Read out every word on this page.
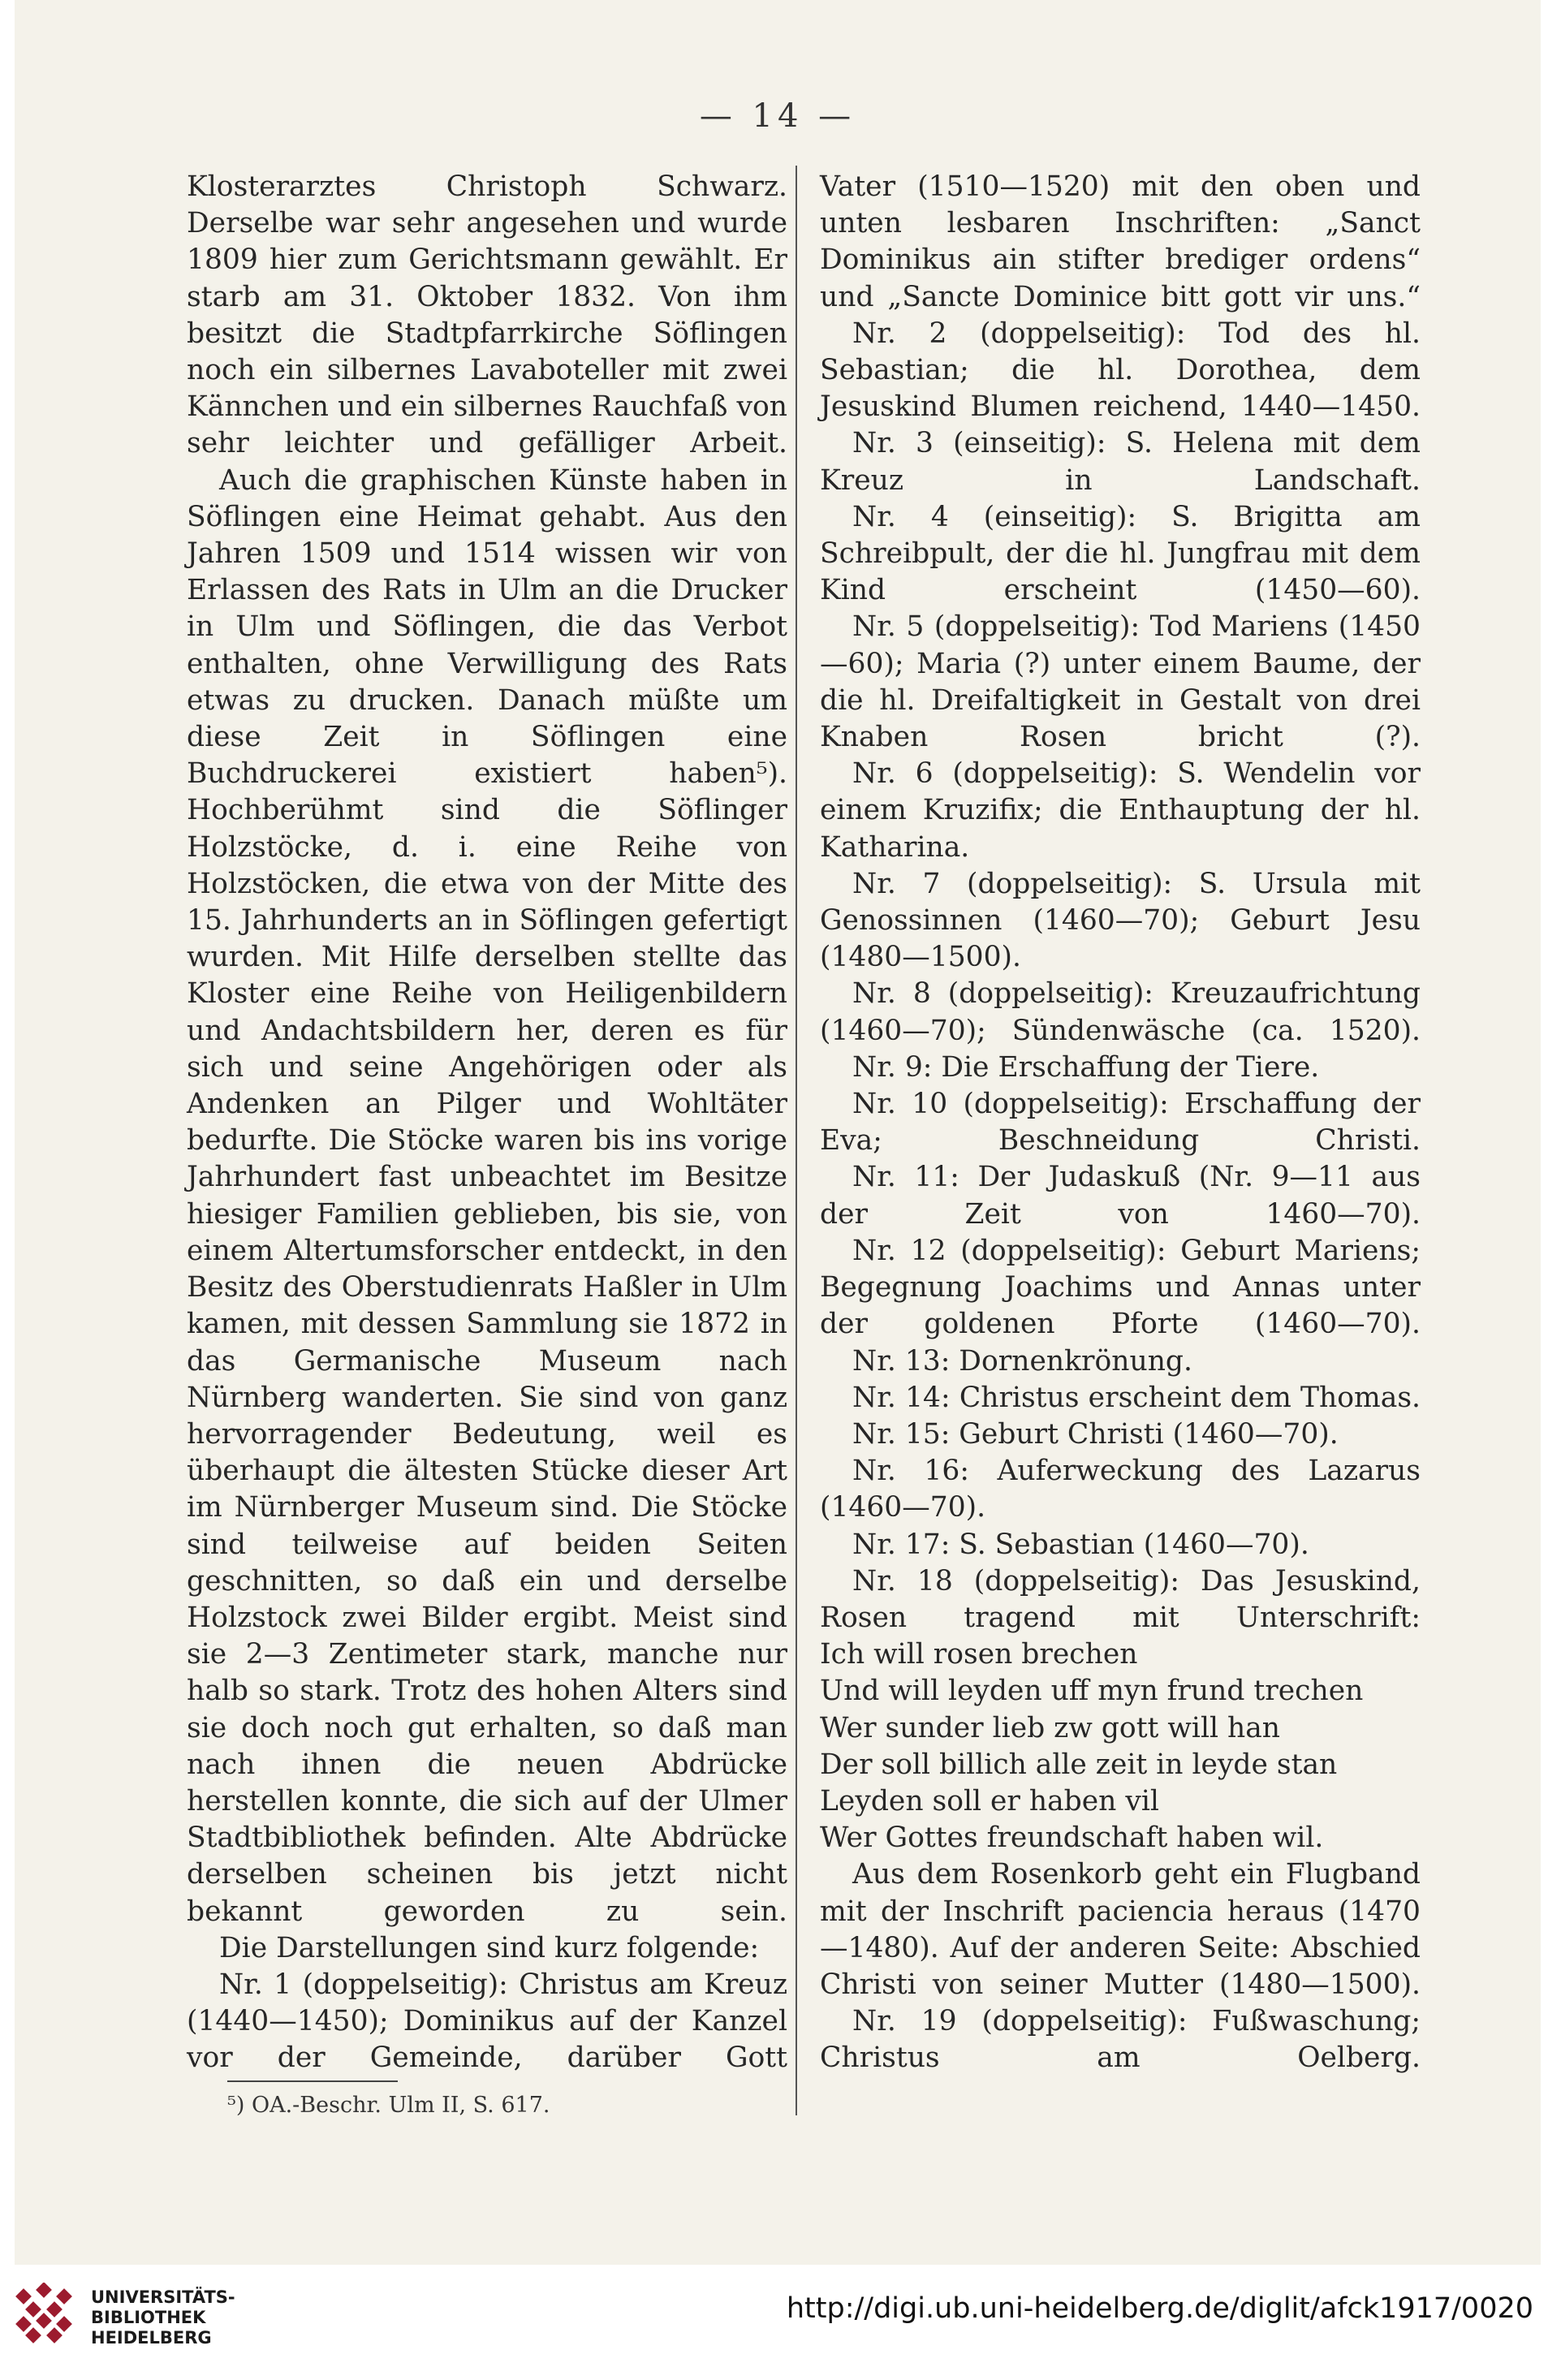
— 14 —

Klosterarztes Christoph Schwarz. Derselbe war sehr angesehen und wurde 1809 hier zum Gerichtsmann gewählt. Er starb am 31. Oktober 1832. Von ihm besitzt die Stadtpfarrkirche Söflingen noch ein silbernes Lavaboteller mit zwei Kännchen und ein silbernes Rauchfaß von sehr leichter und gefälliger Arbeit.

Auch die graphischen Künste haben in Söflingen eine Heimat gehabt. Aus den Jahren 1509 und 1514 wissen wir von Erlassen des Rats in Ulm an die Drucker in Ulm und Söflingen, die das Verbot enthalten, ohne Verwilligung des Rats etwas zu drucken. Danach müßte um diese Zeit in Söflingen eine Buchdruckerei existiert haben⁵). Hochberühmt sind die Söflinger Holzstöcke, d. i. eine Reihe von Holzstöcken, die etwa von der Mitte des 15. Jahrhunderts an in Söflingen gefertigt wurden. Mit Hilfe derselben stellte das Kloster eine Reihe von Heiligenbildern und Andachtsbildern her, deren es für sich und seine Angehörigen oder als Andenken an Pilger und Wohltäter bedurfte. Die Stöcke waren bis ins vorige Jahrhundert fast unbeachtet im Besitze hiesiger Familien geblieben, bis sie, von einem Altertumsforscher entdeckt, in den Besitz des Oberstudienrats Haßler in Ulm kamen, mit dessen Sammlung sie 1872 in das Germanische Museum nach Nürnberg wanderten. Sie sind von ganz hervorragender Bedeutung, weil es überhaupt die ältesten Stücke dieser Art im Nürnberger Museum sind. Die Stöcke sind teilweise auf beiden Seiten geschnitten, so daß ein und derselbe Holzstock zwei Bilder ergibt. Meist sind sie 2—3 Zentimeter stark, manche nur halb so stark. Trotz des hohen Alters sind sie doch noch gut erhalten, so daß man nach ihnen die neuen Abdrücke herstellen konnte, die sich auf der Ulmer Stadtbibliothek befinden. Alte Abdrücke derselben scheinen bis jetzt nicht bekannt geworden zu sein.

Die Darstellungen sind kurz folgende:

Nr. 1 (doppelseitig): Christus am Kreuz (1440—1450); Dominikus auf der Kanzel vor der Gemeinde, darüber Gott

Vater (1510—1520) mit den oben und unten lesbaren Inschriften: „Sanct Dominikus ain stifter brediger ordens“ und „Sancte Dominice bitt gott vir uns.“

Nr. 2 (doppelseitig): Tod des hl. Sebastian; die hl. Dorothea, dem Jesuskind Blumen reichend, 1440—1450.

Nr. 3 (einseitig): S. Helena mit dem Kreuz in Landschaft.

Nr. 4 (einseitig): S. Brigitta am Schreibpult, der die hl. Jungfrau mit dem Kind erscheint (1450—60).

Nr. 5 (doppelseitig): Tod Mariens (1450—60); Maria (?) unter einem Baume, der die hl. Dreifaltigkeit in Gestalt von drei Knaben Rosen bricht (?).

Nr. 6 (doppelseitig): S. Wendelin vor einem Kruzifix; die Enthauptung der hl. Katharina.

Nr. 7 (doppelseitig): S. Ursula mit Genossinnen (1460—70); Geburt Jesu (1480—1500).

Nr. 8 (doppelseitig): Kreuzaufrichtung (1460—70); Sündenwäsche (ca. 1520).

Nr. 9: Die Erschaffung der Tiere.

Nr. 10 (doppelseitig): Erschaffung der Eva; Beschneidung Christi.

Nr. 11: Der Judaskuß (Nr. 9—11 aus der Zeit von 1460—70).

Nr. 12 (doppelseitig): Geburt Mariens; Begegnung Joachims und Annas unter der goldenen Pforte (1460—70).

Nr. 13: Dornenkrönung.

Nr. 14: Christus erscheint dem Thomas.

Nr. 15: Geburt Christi (1460—70).

Nr. 16: Auferweckung des Lazarus (1460—70).

Nr. 17: S. Sebastian (1460—70).

Nr. 18 (doppelseitig): Das Jesuskind, Rosen tragend mit Unterschrift:

Ich will rosen brechen

Und will leyden uff myn frund trechen

Wer sunder lieb zw gott will han

Der soll billich alle zeit in leyde stan

Leyden soll er haben vil

Wer Gottes freundschaft haben wil.

Aus dem Rosenkorb geht ein Flugband mit der Inschrift paciencia heraus (1470—1480). Auf der anderen Seite: Abschied Christi von seiner Mutter (1480—1500).

Nr. 19 (doppelseitig): Fußwaschung; Christus am Oelberg.

⁵) OA.-Beschr. Ulm II, S. 617.
UNIVERSITÄTS-
BIBLIOTHEK
HEIDELBERG
http://digi.ub.uni-heidelberg.de/diglit/afck1917/0020
